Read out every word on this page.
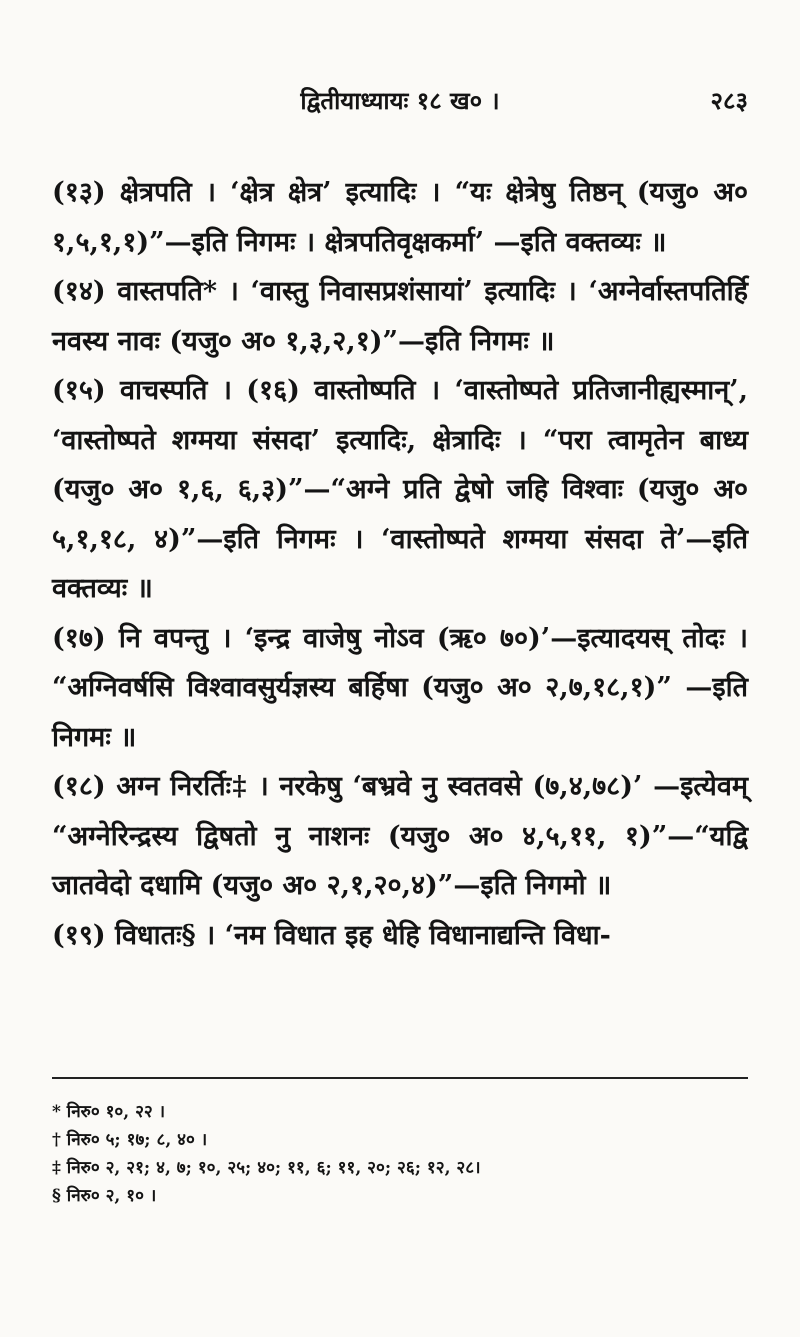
द्वितीयाध्यायः १८ ख० ।	२८३

(१३) क्षेत्रपति । ‘क्षेत्र क्षेत्र’ इत्यादिः । “यः क्षेत्रेषु तिष्ठन् (यजु० अ० १,५,१,१)”—इति निगमः । क्षेत्रपतिवृक्षकर्मा’ —इति वक्तव्यः ॥

(१४) वास्तपति* । ‘वास्तु निवासप्रशंसायां’ इत्यादिः । ‘अग्नेर्वास्तपतिर्हि नवस्य नावः (यजु० अ० १,३,२,१)”—इति निगमः ॥

(१५) वाचस्पति । (१६) वास्तोष्पति । ‘वास्तोष्पते प्रतिजानीह्यस्मान्’, ‘वास्तोष्पते शग्मया संसदा’ इत्यादिः, क्षेत्रादिः । “परा त्वामृतेन बाध्य (यजु० अ० १,६, ६,३)”—“अग्ने प्रति द्वेषो जहि विश्वाः (यजु० अ० ५,१,१८, ४)”—इति निगमः । ‘वास्तोष्पते शग्मया संसदा ते’—इति वक्तव्यः ॥

(१७) नि वपन्तु । ‘इन्द्र वाजेषु नोऽव (ऋ० ७०)’—इत्यादयस् तोदः । “अग्निवर्षसि विश्वावसुर्यज्ञस्य बर्हिषा (यजु० अ० २,७,१८,१)” —इति निगमः ॥

(१८) अग्न निरर्तिः‡ । नरकेषु ‘बभ्रवे नु स्वतवसे (७,४,७८)’ —इत्येवम् “अग्नेरिन्द्रस्य द्विषतो नु नाशनः (यजु० अ० ४,५,११, १)”—“यद्वि जातवेदो दधामि (यजु० अ० २,१,२०,४)”—इति निगमो ॥

(१९) विधातः§ । ‘नम विधात इह धेहि विधानाद्यन्ति विधा-

* निरु० १०, २२ ।

† निरु० ५; १७; ८, ४० ।

‡ निरु० २, २१; ४, ७; १०, २५; ४०; ११, ६; ११, २०; २६; १२, २८।

§ निरु० २, १० ।
